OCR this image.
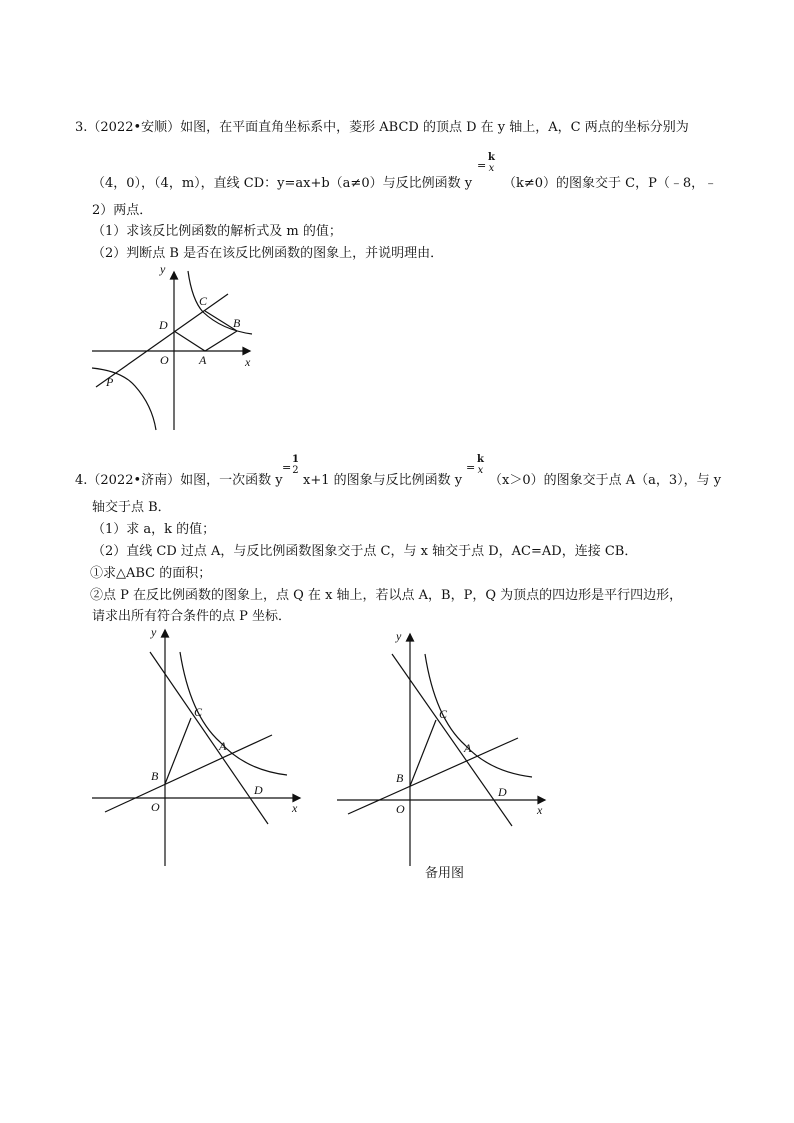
3.（2022•安顺）如图，在平面直角坐标系中，菱形 ABCD 的顶点 D 在 y 轴上，A，C 两点的坐标分别为
=
k
x
（4，0），（4，m），直线 CD：y=ax+b（a≠0）与反比例函数 y （k≠0）的图象交于 C，P（﹣8，﹣
2）两点．
（1）求该反比例函数的解析式及 m 的值；
（2）判断点 B 是否在该反比例函数的图象上，并说明理由．
y
x
O	A
B
C
D
P
=
1
2	=
k
x
4.（2022•济南）如图，一次函数 y x+1 的图象与反比例函数 y （x＞0）的图象交于点 A（a，3），与 y
轴交于点 B．
（1）求 a，k 的值；
（2）直线 CD 过点 A，与反比例函数图象交于点 C，与 x 轴交于点 D，AC=AD，连接 CB．
①求△ABC 的面积；
②点 P 在反比例函数的图象上，点 Q 在 x 轴上，若以点 A，B，P，Q 为顶点的四边形是平行四边形，
请求出所有符合条件的点 P 坐标．
y
x
O
A
B
C
D
y
x
O
A
B
C
D
备用图
